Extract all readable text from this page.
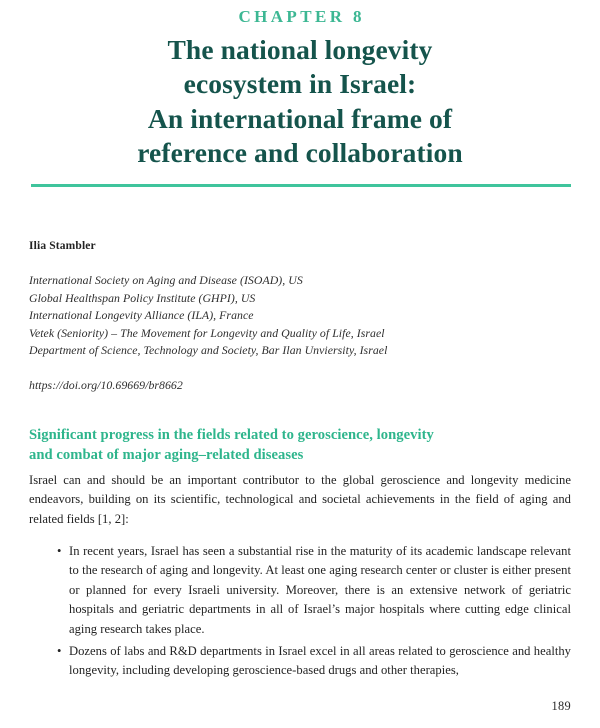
CHAPTER 8
The national longevity
ecosystem in Israel:
An international frame of
reference and collaboration
Ilia Stambler
International Society on Aging and Disease (ISOAD), US
Global Healthspan Policy Institute (GHPI), US
International Longevity Alliance (ILA), France
Vetek (Seniority) – The Movement for Longevity and Quality of Life, Israel
Department of Science, Technology and Society, Bar Ilan Unviersity, Israel
https://doi.org/10.69669/br8662
Significant progress in the fields related to geroscience, longevity
and combat of major aging–related diseases

Israel can and should be an important contributor to the global geroscience and longevity medicine endeavors, building on its scientific, technological and societal achievements in the field of aging and related fields [1, 2]:

• In recent years, Israel has seen a substantial rise in the maturity of its academic landscape relevant to the research of aging and longevity. At least one aging research center or cluster is either present or planned for every Israeli university. Moreover, there is an extensive network of geriatric hospitals and geriatric departments in all of Israel’s major hospitals where cutting edge clinical aging research takes place.
• Dozens of labs and R&D departments in Israel excel in all areas related to geroscience and healthy longevity, including developing geroscience-based drugs and other therapies,
189
